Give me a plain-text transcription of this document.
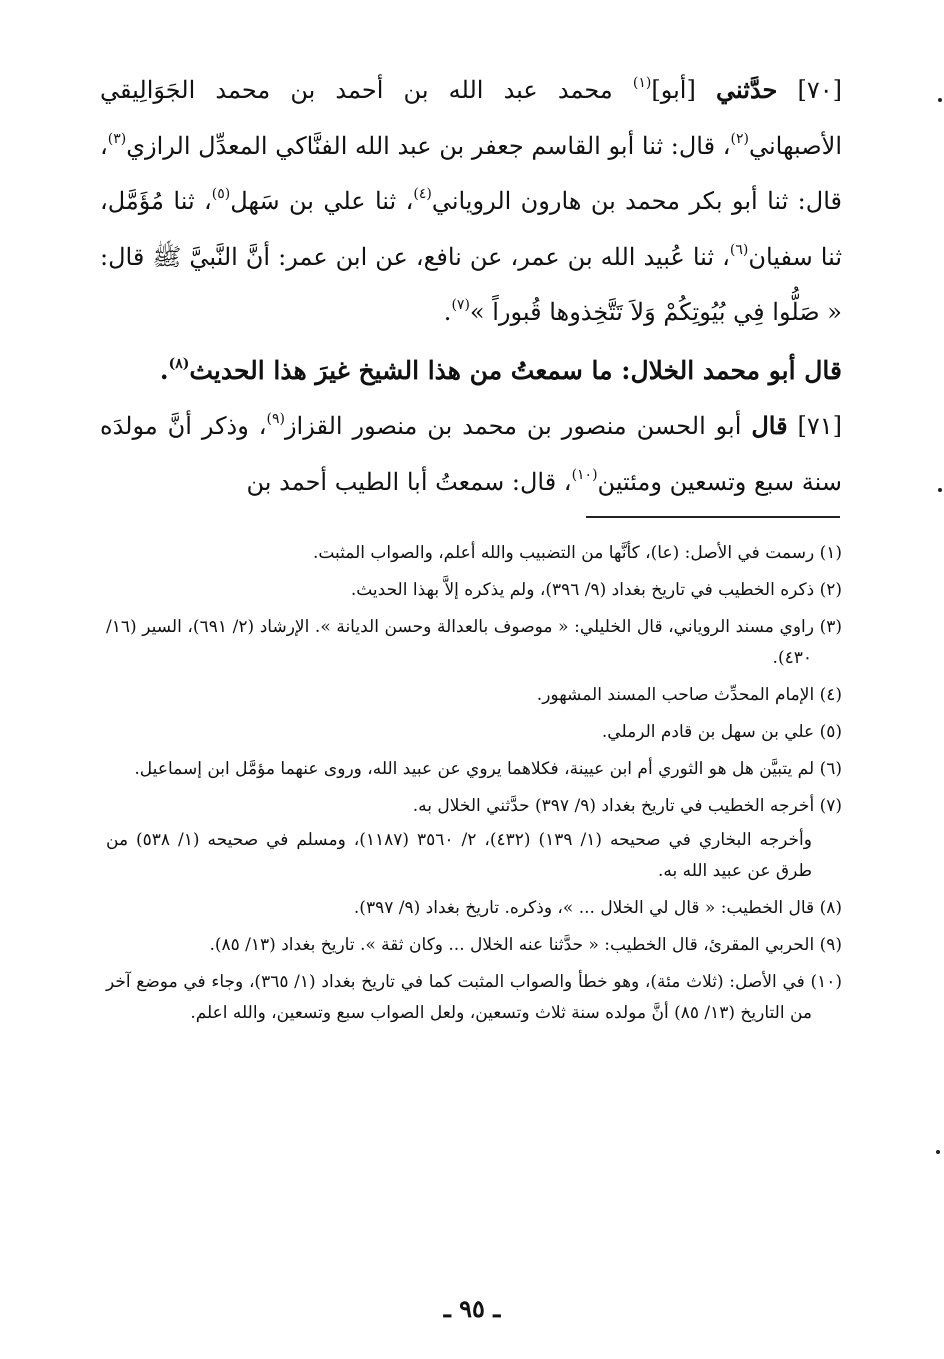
[٧٠] حدَّثني [أبو]$^{(١)}$ محمد عبد الله بن أحمد بن محمد الجَوَالِيقي الأصبهاني$^{(٢)}$، قال: ثنا أبو القاسم جعفر بن عبد الله الفنَّاكي المعدِّل الرازي$^{(٣)}$، قال: ثنا أبو بكر محمد بن هارون الروياني$^{(٤)}$، ثنا علي بن سَهل$^{(٥)}$، ثنا مُؤَمَّل، ثنا سفيان$^{(٦)}$، ثنا عُبيد الله بن عمر، عن نافع، عن ابن عمر: أنَّ النَّبيَّ ﷺ قال: « صَلُّوا فِي بُيُوتِكُمْ وَلاَ تَتَّخِذوها قُبوراً »$^{(٧)}$.

قال أبو محمد الخلال: ما سمعتُ من هذا الشيخ غيرَ هذا الحديث$^{(٨)}$.

[٧١] قال أبو الحسن منصور بن محمد بن منصور القزاز$^{(٩)}$، وذكر أنَّ مولدَه سنة سبع وتسعين ومئتين$^{(١٠)}$، قال: سمعتُ أبا الطيب أحمد بن

(١) رسمت في الأصل: (عا)، كأنَّها من التضبيب والله أعلم، والصواب المثبت.

(٢) ذكره الخطيب في تاريخ بغداد (٩/ ٣٩٦)، ولم يذكره إلاَّ بهذا الحديث.

(٣) راوي مسند الروياني، قال الخليلي: « موصوف بالعدالة وحسن الديانة ». الإرشاد (٢/ ٦٩١)، السير (١٦/ ٤٣٠).

(٤) الإمام المحدِّث صاحب المسند المشهور.

(٥) علي بن سهل بن قادم الرملي.

(٦) لم يتبيَّن هل هو الثوري أم ابن عيينة، فكلاهما يروي عن عبيد الله، وروى عنهما مؤمَّل ابن إسماعيل.

(٧) أخرجه الخطيب في تاريخ بغداد (٩/ ٣٩٧) حدَّثني الخلال به.

وأخرجه البخاري في صحيحه (١/ ١٣٩) (٤٣٢)، ٢/ ٣٥٦٠ (١١٨٧)، ومسلم في صحيحه (١/ ٥٣٨) من طرق عن عبيد الله به.

(٨) قال الخطيب: « قال لي الخلال ... »، وذكره. تاريخ بغداد (٩/ ٣٩٧).

(٩) الحربي المقرئ، قال الخطيب: « حدَّثنا عنه الخلال ... وكان ثقة ». تاريخ بغداد (١٣/ ٨٥).

(١٠) في الأصل: (ثلاث مئة)، وهو خطأ والصواب المثبت كما في تاريخ بغداد (١/ ٣٦٥)، وجاء في موضع آخر من التاريخ (١٣/ ٨٥) أنَّ مولده سنة ثلاث وتسعين، ولعل الصواب سبع وتسعين، والله اعلم.

ـ ٩٥ ـ
